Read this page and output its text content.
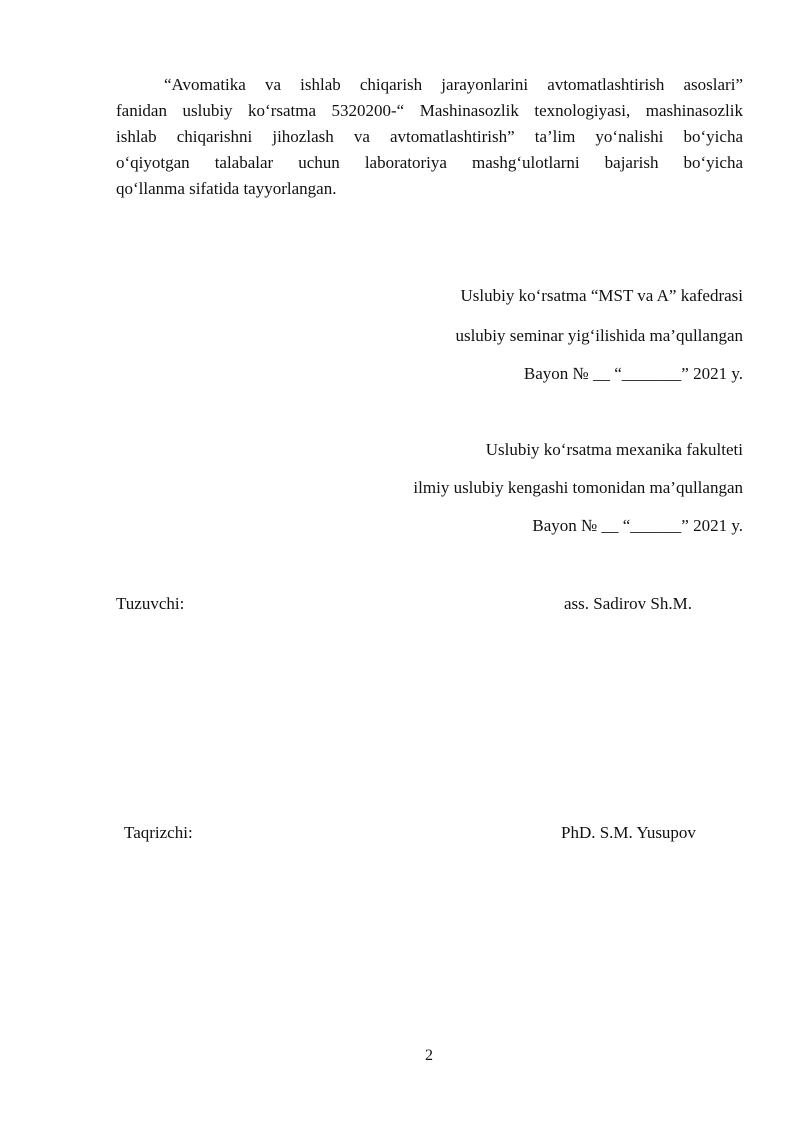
“Avomatika va ishlab chiqarish jarayonlarini avtomatlashtirish asoslari”
fanidan uslubiy ko‘rsatma 5320200-“ Mashinasozlik texnologiyasi, mashinasozlik
ishlab chiqarishni jihozlash va avtomatlashtirish” ta’lim yo‘nalishi bo‘yicha
o‘qiyotgan talabalar uchun laboratoriya mashg‘ulotlarni bajarish bo‘yicha
qo‘llanma sifatida tayyorlangan.

Uslubiy ko‘rsatma “MST va A” kafedrasi
uslubiy seminar yig‘ilishida ma’qullangan
Bayon № __ “_______” 2021 y.
Uslubiy ko‘rsatma mexanika fakulteti
ilmiy uslubiy kengashi tomonidan ma’qullangan
Bayon № __ “______” 2021 y.
Tuzuvchi:	ass. Sadirov Sh.M.
Taqrizchi:	PhD. S.M. Yusupov
2
